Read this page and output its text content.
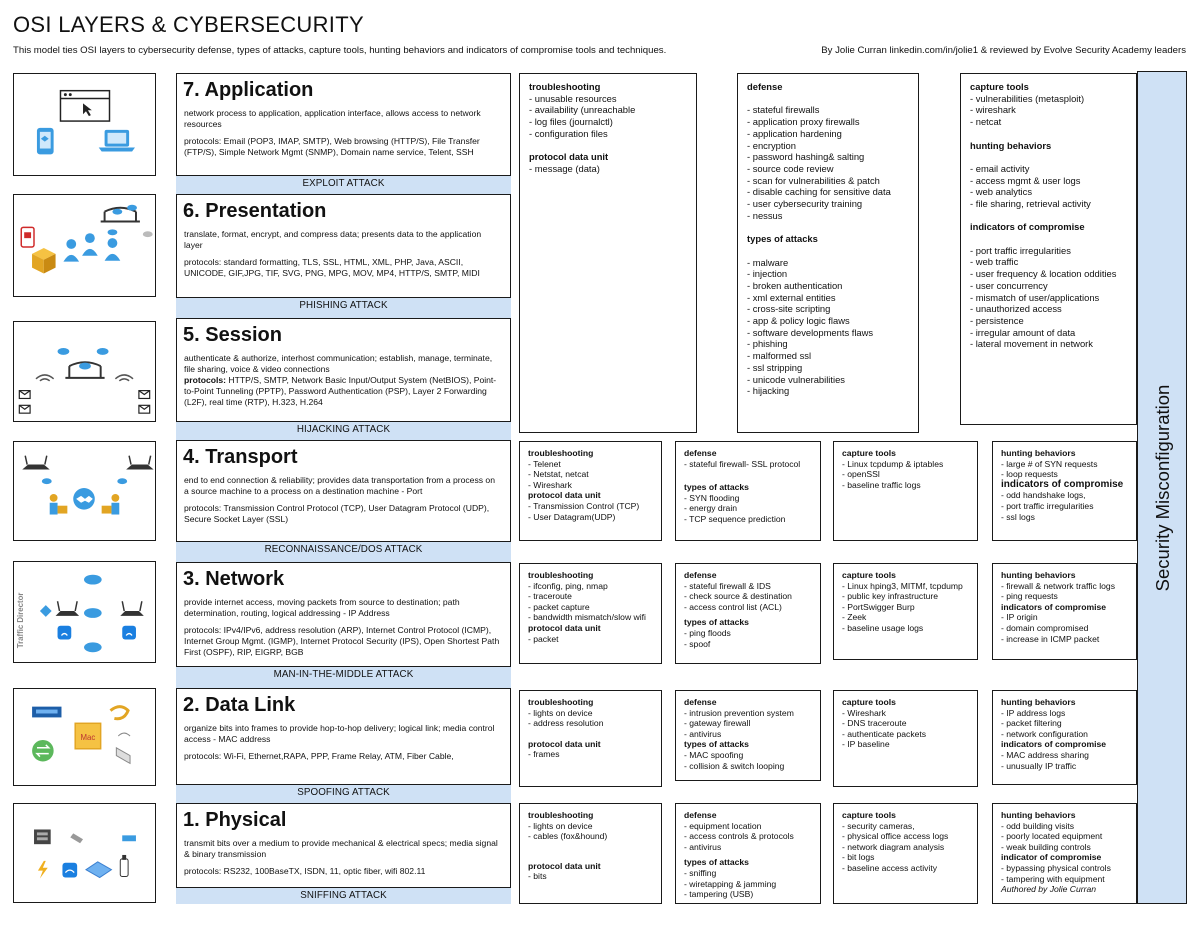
OSI LAYERS & CYBERSECURITY
This model ties OSI layers to cybersecurity defense, types of attacks, capture tools, hunting behaviors and indicators of compromise tools and techniques.	By Jolie Curran linkedin.com/in/jolie1 & reviewed by Evolve Security Academy leaders
Traffic Director
Mac
7. Application
network process to application, application interface, allows access to network resources
protocols: Email (POP3, IMAP, SMTP), Web browsing (HTTP/S), File Transfer (FTP/S), Simple Network Mgmt (SNMP), Domain name service, Telent, SSH
EXPLOIT ATTACK
6. Presentation
translate, format, encrypt, and compress data; presents data to the application layer
protocols: standard formatting, TLS, SSL, HTML, XML, PHP, Java, ASCII, UNICODE, GIF,JPG, TIF, SVG, PNG, MPG, MOV, MP4, HTTP/S, SMTP, MIDI
PHISHING ATTACK
5. Session
authenticate & authorize, interhost communication; establish, manage, terminate, file sharing, voice & video connections
protocols: HTTP/S, SMTP, Network Basic Input/Output System (NetBIOS), Point-to-Point Tunneling (PPTP), Password Authentication (PSP), Layer 2 Forwarding (L2F), real time (RTP), H.323, H.264
HIJACKING ATTACK
4. Transport
end to end connection & reliability; provides data transportation from a process on a source machine to a process on a destination machine - Port
protocols: Transmission Control Protocol (TCP), User Datagram Protocol (UDP), Secure Socket Layer (SSL)
RECONNAISSANCE/DOS ATTACK
3. Network
provide internet access, moving packets from source to destination; path determination, routing, logical addressing - IP Address
protocols: IPv4/IPv6, address resolution (ARP), Internet Control Protocol (ICMP), Internet Group Mgmt. (IGMP), Internet Protocol Security (IPS), Open Shortest Path First (OSPF), RIP, EIGRP, BGB
MAN-IN-THE-MIDDLE ATTACK
2. Data Link
organize bits into frames to provide hop-to-hop delivery; logical link; media control access - MAC address
protocols: Wi-Fi, Ethernet,RAPA, PPP, Frame Relay, ATM, Fiber Cable,
SPOOFING ATTACK
1. Physical
transmit bits over a medium to provide mechanical & electrical specs; media signal & binary transmission
protocols: RS232, 100BaseTX, ISDN, 11, optic fiber, wifi 802.11
SNIFFING ATTACK
troubleshooting
- unusable resources
- availability (unreachable
- log files (journalctl)
- configuration files
protocol data unit
- message (data)
defense
- stateful firewalls
- application proxy firewalls
- application hardening
- encryption
- password hashing& salting
- source code review
- scan for vulnerabilities & patch
- disable caching for sensitive data
- user cybersecurity training
- nessus
types of attacks
- malware
- injection
- broken authentication
- xml external entities
- cross-site scripting
- app & policy logic flaws
- software developments flaws
- phishing
- malformed ssl
- ssl stripping
- unicode vulnerabilities
- hijacking
capture tools
- vulnerabilities (metasploit)
- wireshark
- netcat
hunting behaviors
- email activity
- access mgmt & user logs
- web analytics
- file sharing, retrieval activity
indicators of compromise
- port traffic irregularities
- web traffic
- user frequency & location oddities
- user concurrency
- mismatch of user/applications
- unauthorized access
- persistence
- irregular amount of data
- lateral movement in network
troubleshooting
- Telenet
- Netstat, netcat
- Wireshark
protocol data unit
- Transmission Control (TCP)
- User Datagram(UDP)
defense
- stateful firewall- SSL protocol
types of attacks
- SYN flooding
- energy drain
- TCP sequence prediction
capture tools
- Linux tcpdump & iptables
- openSSl
- baseline traffic logs
hunting behaviors
- large # of SYN requests
- loop requests
indicators of compromise
- odd handshake logs,
- port traffic irregularities
- ssl logs
troubleshooting
- ifconfig, ping, nmap
- traceroute
- packet capture
- bandwidth mismatch/slow wifi
protocol data unit
- packet
defense
- stateful firewall & IDS
- check source & destination
- access control list (ACL)
types of attacks
- ping floods
- spoof
capture tools
- Linux hping3, MITMf, tcpdump
- public key infrastructure
- PortSwigger Burp
- Zeek
- baseline usage logs
hunting behaviors
- firewall & network traffic logs
- ping requests
indicators of compromise
- IP origin
- domain compromised
- increase in ICMP packet
troubleshooting
- lights on device
- address resolution
protocol data unit
- frames
defense
- intrusion prevention system
- gateway firewall
- antivirus
types of attacks
- MAC spoofing
- collision & switch looping
capture tools
- Wireshark
- DNS traceroute
- authenticate packets
- IP baseline
hunting behaviors
- IP address logs
- packet filtering
- network configuration
indicators of compromise
- MAC address sharing
- unusually IP traffic
troubleshooting
- lights on device
- cables (fox&hound)
protocol data unit
- bits
defense
- equipment location
- access controls & protocols
- antivirus
types of attacks
- sniffing
- wiretapping & jamming
- tampering (USB)
capture tools
- security cameras,
- physical office access logs
- network diagram analysis
- bit logs
- baseline access activity
hunting behaviors
- odd building visits
- poorly located equipment
- weak building controls
indicator of compromise
- bypassing physical controls
- tampering with equipment
Authored by Jolie Curran
Security Misconfiguration
